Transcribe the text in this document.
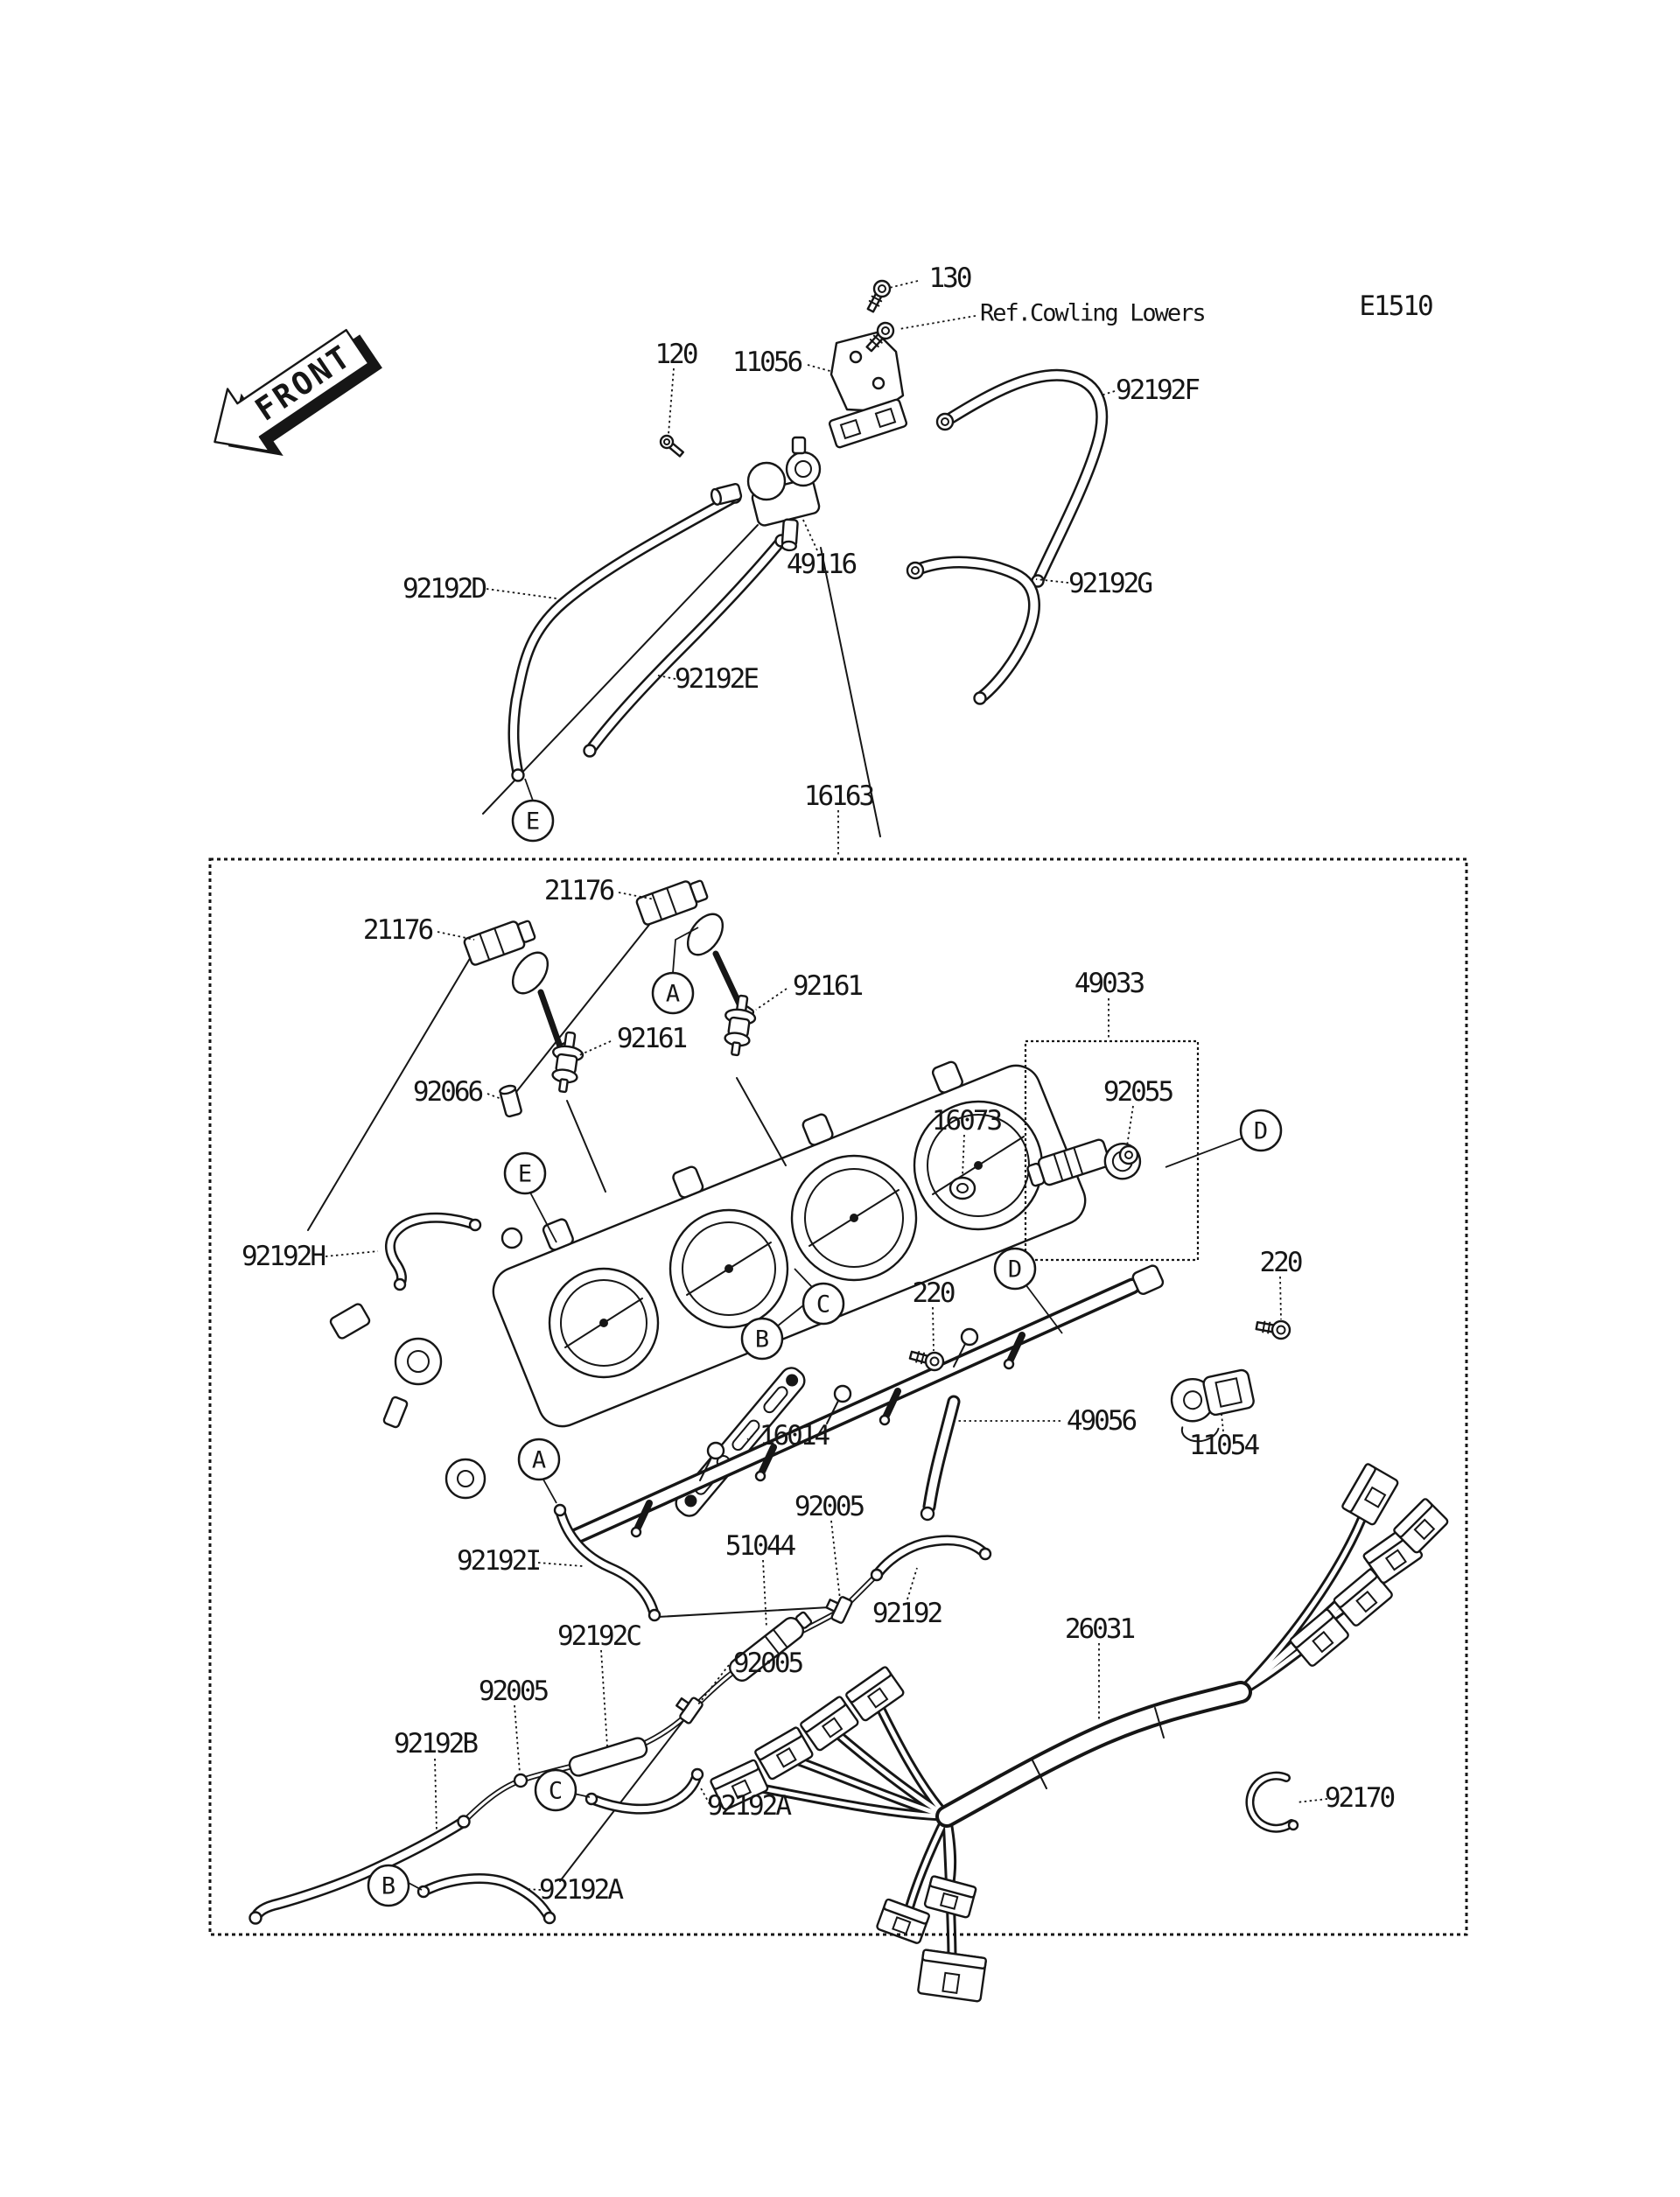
E1510
FRONT
130
Ref.Cowling Lowers
120 11056
92192F
49116
92192D	92192G
92192E
16163
21176
21176
92161
92161
49033
92055
16073
92066
92192H
220
220
16014	49056
11054
92192I
92005
51044
92192	26031
92192C
92005
92005
92192B
92192A
92192A
92170
E
A
E
D
D
C
B
A
C
B
